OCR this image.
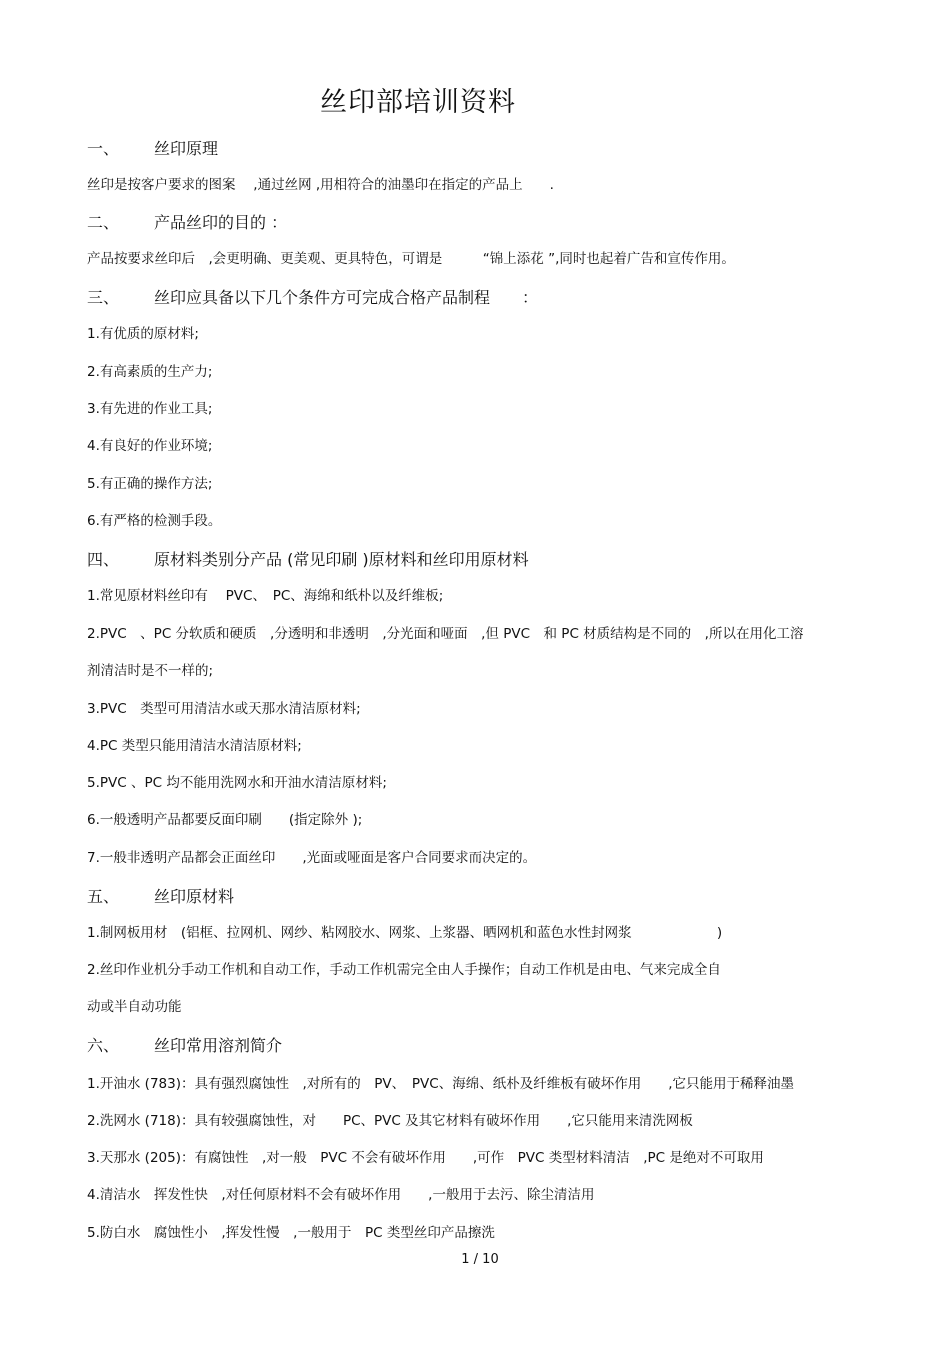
丝印部培训资料
一、 丝印原理
丝印是按客户要求的图案　 ,通过丝网 ,用相符合的油墨印在指定的产品上　　.
二、 产品丝印的目的 ：
产品按要求丝印后　,会更明确、更美观、更具特色，可谓是　　　“锦上添花 ”,同时也起着广告和宣传作用。
三、 丝印应具备以下几个条件方可完成合格产品制程　　：
1.有优质的原材料;
2.有高素质的生产力;
3.有先进的作业工具;
4.有良好的作业环境;
5.有正确的操作方法;
6.有严格的检测手段。
四、 原材料类别分产品 (常见印刷 )原材料和丝印用原材料
1.常见原材料丝印有　 PVC、　PC、海绵和纸朴以及纤维板;
2.PVC　、PC 分软质和硬质　,分透明和非透明　,分光面和哑面　,但 PVC　和 PC 材质结构是不同的　,所以在用化工溶
剂清洁时是不一样的;
3.PVC　类型可用清洁水或天那水清洁原材料;
4.PC 类型只能用清洁水清洁原材料;
5.PVC 、PC 均不能用洗网水和开油水清洁原材料;
6.一般透明产品都要反面印刷　　(指定除外 );
7.一般非透明产品都会正面丝印　　,光面或哑面是客户合同要求而决定的。
五、 丝印原材料
1.制网板用材　(铝框、拉网机、网纱、粘网胶水、网浆、上浆器、晒网机和蓝色水性封网浆　　　　　　 )
2.丝印作业机分手动工作机和自动工作，手动工作机需完全由人手操作；自动工作机是由电、气来完成全自
动或半自动功能
六、 丝印常用溶剂简介
1.开油水 (783)：具有强烈腐蚀性　,对所有的　PV、　PVC、海绵、纸朴及纤维板有破坏作用　　,它只能用于稀释油墨
2.洗网水 (718)：具有较强腐蚀性，对　　PC、PVC 及其它材料有破坏作用　　,它只能用来清洗网板
3.天那水 (205)：有腐蚀性　,对一般　PVC 不会有破坏作用　　,可作　PVC 类型材料清洁　,PC 是绝对不可取用
4.清洁水　挥发性快　,对任何原材料不会有破坏作用　　,一般用于去污、除尘清洁用
5.防白水　腐蚀性小　,挥发性慢　,一般用于　PC 类型丝印产品擦洗
1 / 10
